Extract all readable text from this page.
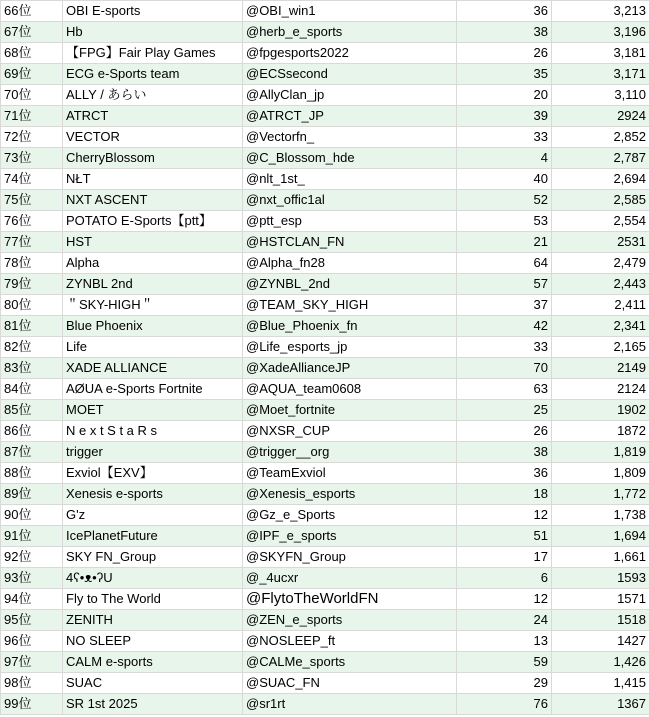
66位	OBI E-sports	@OBI_win1	36	3,213
67位	Hb	@herb_e_sports	38	3,196
68位	【FPG】Fair Play Games	@fpgesports2022	26	3,181
69位	ECG e-Sports team	@ECSsecond	35	3,171
70位	ALLY / あらい	@AllyClan_jp	20	3,110
71位	ATRCT	@ATRCT_JP	39	2924
72位	VECTOR	@Vectorfn_	33	2,852
73位	CherryBlossom	@C_Blossom_hde	4	2,787
74位	NŁT	@nlt_1st_	40	2,694
75位	NXT ASCENT	@nxt_offic1al	52	2,585
76位	POTATO E-Sports【ptt】	@ptt_esp	53	2,554
77位	HST	@HSTCLAN_FN	21	2531
78位	Alpha	@Alpha_fn28	64	2,479
79位	ZYNBL 2nd	@ZYNBL_2nd	57	2,443
80位	＂SKY-HIGH＂	@TEAM_SKY_HIGH	37	2,411
81位	Blue Phoenix	@Blue_Phoenix_fn	42	2,341
82位	Life	@Life_esports_jp	33	2,165
83位	XADE ALLIANCE	@XadeAllianceJP	70	2149
84位	AØUA e-Sports Fortnite	@AQUA_team0608	63	2124
85位	MOET	@Moet_fortnite	25	1902
86位	N e x t S t a R s	@NXSR_CUP	26	1872
87位	trigger	@trigger__org	38	1,819
88位	Exviol【EXV】	@TeamExviol	36	1,809
89位	Xenesis e-sports	@Xenesis_esports	18	1,772
90位	G'z	@Gz_e_Sports	12	1,738
91位	IcePlanetFuture	@IPF_e_sports	51	1,694
92位	SKY FN_Group	@SKYFN_Group	17	1,661
93位	4ʕ•ᴥ•ʔU	@_4ucxr	6	1593
94位	Fly to The World	@FlytoTheWorldFN	12	1571
95位	ZENITH	@ZEN_e_sports	24	1518
96位	NO SLEEP	@NOSLEEP_ft	13	1427
97位	CALM e-sports	@CALMe_sports	59	1,426
98位	SUAC	@SUAC_FN	29	1,415
99位	SR 1st 2025	@sr1rt	76	1367
